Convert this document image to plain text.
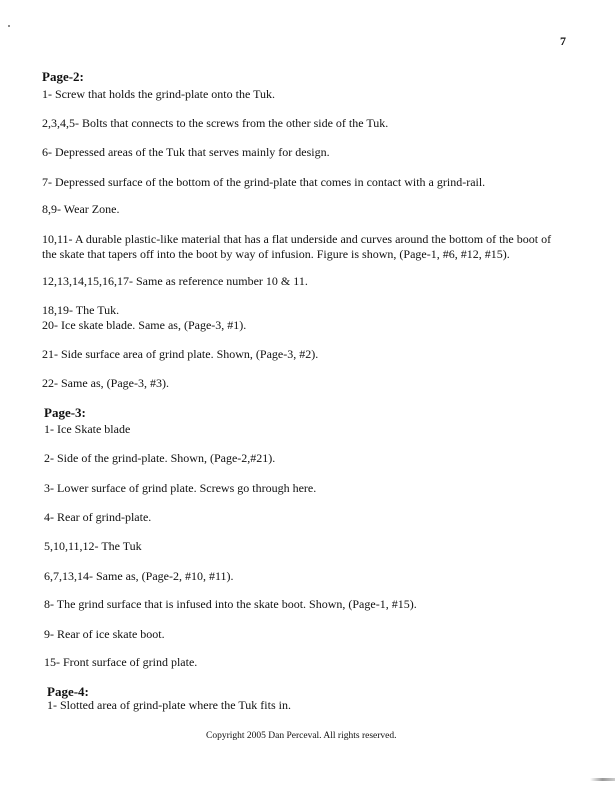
7
Page-2:
1- Screw that holds the grind-plate onto the Tuk.
2,3,4,5- Bolts that connects to the screws from the other side of the Tuk.
6- Depressed areas of the Tuk that serves mainly for design.
7- Depressed surface of the bottom of the grind-plate that comes in contact with a grind-rail.
8,9- Wear Zone.
10,11- A durable plastic-like material that has a flat underside and curves around the bottom of the boot of
the skate that tapers off into the boot by way of infusion. Figure is shown, (Page-1, #6, #12, #15).
12,13,14,15,16,17- Same as reference number 10 & 11.
18,19- The Tuk.
20- Ice skate blade. Same as, (Page-3, #1).
21- Side surface area of grind plate. Shown, (Page-3, #2).
22- Same as, (Page-3, #3).
Page-3:
1- Ice Skate blade
2- Side of the grind-plate. Shown, (Page-2,#21).
3- Lower surface of grind plate. Screws go through here.
4- Rear of grind-plate.
5,10,11,12- The Tuk
6,7,13,14- Same as, (Page-2, #10, #11).
8- The grind surface that is infused into the skate boot. Shown, (Page-1, #15).
9- Rear of ice skate boot.
15- Front surface of grind plate.
Page-4:
1- Slotted area of grind-plate where the Tuk fits in.
Copyright 2005 Dan Perceval. All rights reserved.
